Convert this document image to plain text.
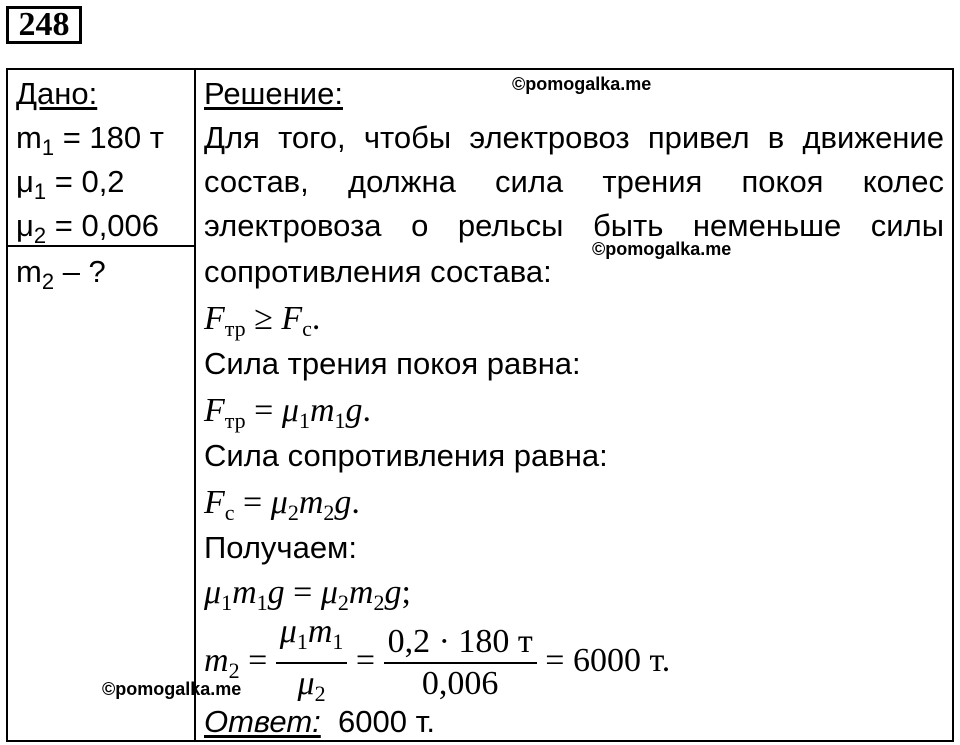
248
Дано:
$m_1 = 180$ т
$\mu_1 = 0,2$
$\mu_2 = 0,006$
$m_2$ – ?
Решение:
Для того, чтобы электровоз привел в движение
состав, должна сила трения покоя колес
электровоза о рельсы быть неменьше силы
сопротивления состава:
$F_{тр} \ge F_с$.
Сила трения покоя равна:
$F_{тр} = \mu_1m_1g$.
Сила сопротивления равна:
$F_с = \mu_2m_2g$.
Получаем:
$\mu_1m_1g = \mu_2m_2g$;
$m_2 = \frac{\mu_1m_1}{\mu_2} = \frac{0,2 \cdot 180 т}{0,006} = 6000$ т.
Ответ: 6000 т.
©pomogalka.me
©pomogalka.me
©pomogalka.me
